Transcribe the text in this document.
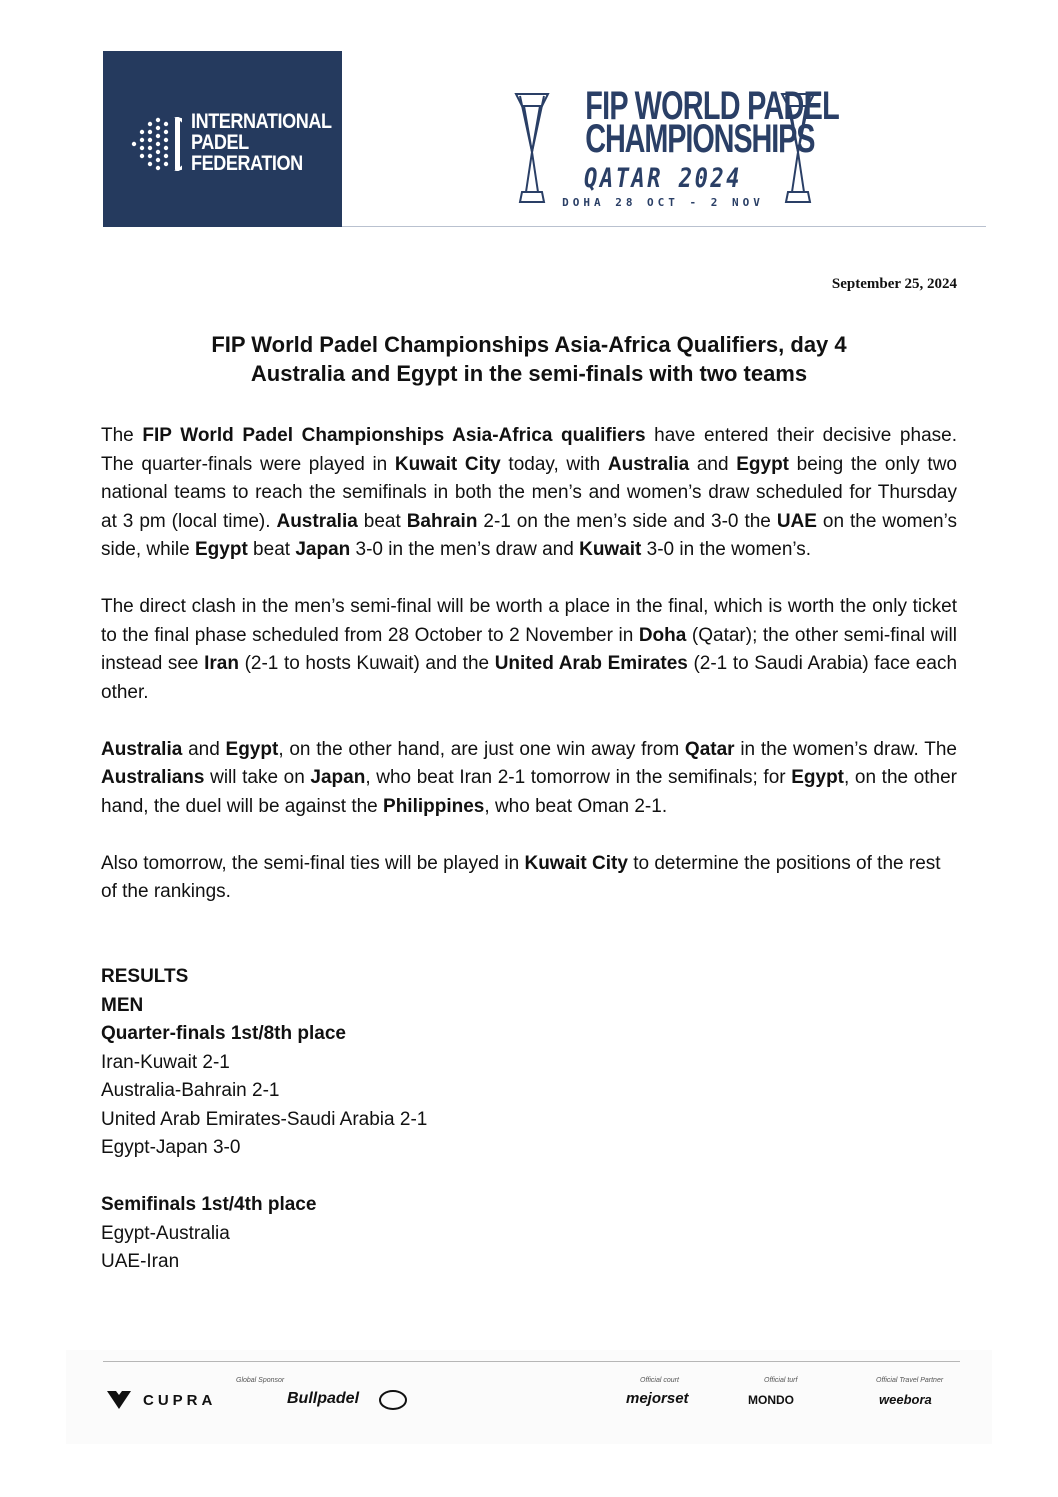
INTERNATIONAL
PADEL
FEDERATION
FIP WORLD PADEL
CHAMPIONSHIPS
QATAR 2024
DOHA 28 OCT - 2 NOV
September 25, 2024
FIP World Padel Championships Asia-Africa Qualifiers, day 4
Australia and Egypt in the semi-finals with two teams

The FIP World Padel Championships Asia-Africa qualifiers have entered their decisive phase. The quarter-finals were played in Kuwait City today, with Australia and Egypt being the only two national teams to reach the semifinals in both the men’s and women’s draw scheduled for Thursday at 3 pm (local time). Australia beat Bahrain 2-1 on the men’s side and 3-0 the UAE on the women’s side, while Egypt beat Japan 3-0 in the men’s draw and Kuwait 3-0 in the women’s.

The direct clash in the men’s semi-final will be worth a place in the final, which is worth the only ticket to the final phase scheduled from 28 October to 2 November in Doha (Qatar); the other semi-final will instead see Iran (2-1 to hosts Kuwait) and the United Arab Emirates (2-1 to Saudi Arabia) face each other.

Australia and Egypt, on the other hand, are just one win away from Qatar in the women’s draw. The Australians will take on Japan, who beat Iran 2-1 tomorrow in the semifinals; for Egypt, on the other hand, the duel will be against the Philippines, who beat Oman 2-1.

Also tomorrow, the semi-final ties will be played in Kuwait City to determine the positions of the rest of the rankings.

RESULTS
MEN
Quarter-finals 1st/8th place
Iran-Kuwait 2-1
Australia-Bahrain 2-1
United Arab Emirates-Saudi Arabia 2-1
Egypt-Japan 3-0
Semifinals 1st/4th place
Egypt-Australia
UAE-Iran
Global Sponsor
CUPRA	Bullpadel
Official court
mejorset
Official turf
MONDO
Official Travel Partner
weebora
